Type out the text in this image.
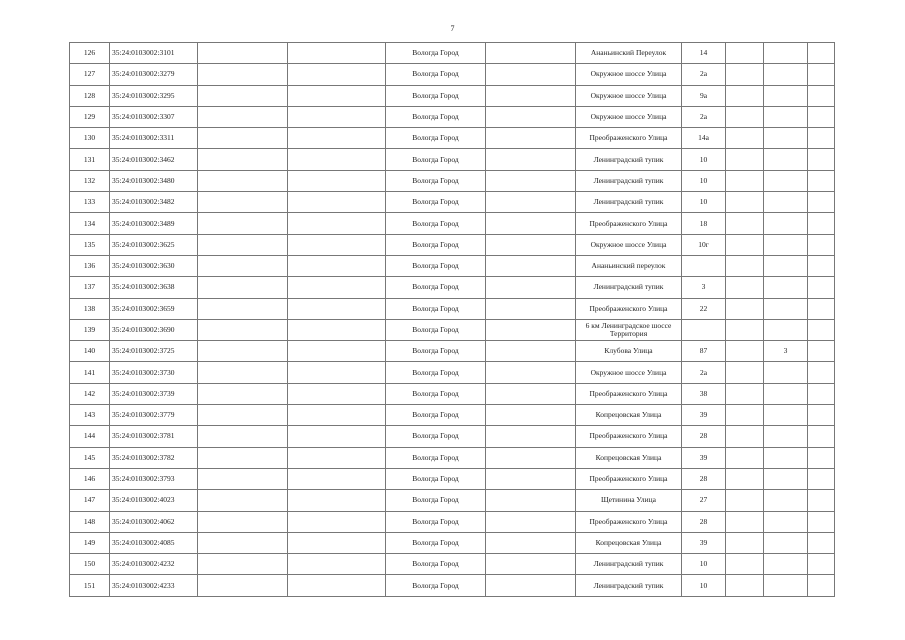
7
126	35:24:0103002:3101			Вологда Город		Ананьинский Переулок	14			
127	35:24:0103002:3279			Вологда Город		Окружное шоссе Улица	2а			
128	35:24:0103002:3295			Вологда Город		Окружное шоссе Улица	9а			
129	35:24:0103002:3307			Вологда Город		Окружное шоссе Улица	2а			
130	35:24:0103002:3311			Вологда Город		Преображенского Улица	14а			
131	35:24:0103002:3462			Вологда Город		Ленинградский тупик	10			
132	35:24:0103002:3480			Вологда Город		Ленинградский тупик	10			
133	35:24:0103002:3482			Вологда Город		Ленинградский тупик	10			
134	35:24:0103002:3489			Вологда Город		Преображенского Улица	18			
135	35:24:0103002:3625			Вологда Город		Окружное шоссе Улица	10г			
136	35:24:0103002:3630			Вологда Город		Ананьинский переулок				
137	35:24:0103002:3638			Вологда Город		Ленинградский тупик	3			
138	35:24:0103002:3659			Вологда Город		Преображенского Улица	22			
139	35:24:0103002:3690			Вологда Город		6 км Ленинградское шоссе Территория				
140	35:24:0103002:3725			Вологда Город		Клубова Улица	87		3	
141	35:24:0103002:3730			Вологда Город		Окружное шоссе Улица	2а			
142	35:24:0103002:3739			Вологда Город		Преображенского Улица	38			
143	35:24:0103002:3779			Вологда Город		Копрецовская Улица	39			
144	35:24:0103002:3781			Вологда Город		Преображенского Улица	28			
145	35:24:0103002:3782			Вологда Город		Копрецовская Улица	39			
146	35:24:0103002:3793			Вологда Город		Преображенского Улица	28			
147	35:24:0103002:4023			Вологда Город		Щетинина Улица	27			
148	35:24:0103002:4062			Вологда Город		Преображенского Улица	28			
149	35:24:0103002:4085			Вологда Город		Копрецовская Улица	39			
150	35:24:0103002:4232			Вологда Город		Ленинградский тупик	10			
151	35:24:0103002:4233			Вологда Город		Ленинградский тупик	10			
